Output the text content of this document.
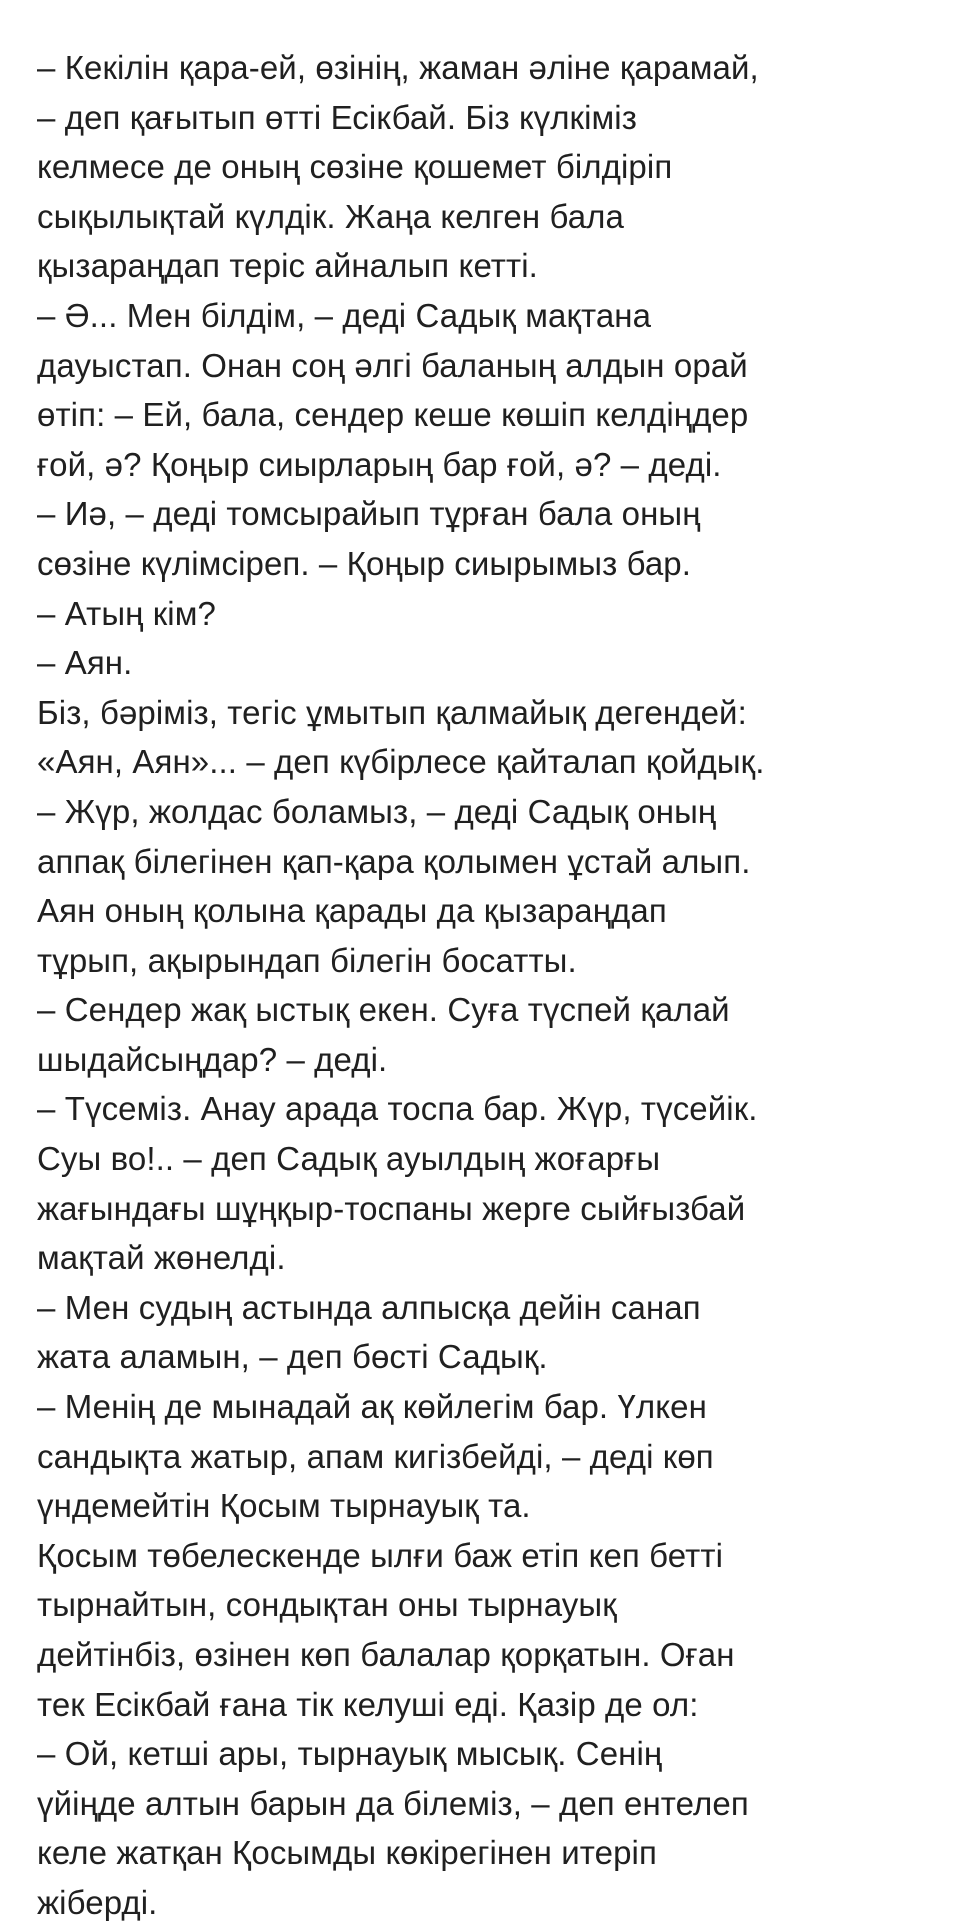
– Кекілін қара-ей, өзінің, жаман әліне қарамай,
– деп қағытып өтті Есікбай. Біз күлкіміз
келмесе де оның сөзіне қошемет білдіріп
сықылықтай күлдік. Жаңа келген бала
қызараңдап теріс айналып кетті.
– Ә... Мен білдім, – деді Садық мақтана
дауыстап. Онан соң әлгі баланың алдын орай
өтіп: – Ей, бала, сендер кеше көшіп келдіңдер
ғой, ә? Қоңыр сиырларың бар ғой, ә? – деді.
– Иә, – деді томсырайып тұрған бала оның
сөзіне күлімсіреп. – Қоңыр сиырымыз бар.
– Атың кім?
– Аян.
Біз, бәріміз, тегіс ұмытып қалмайық дегендей:
«Аян, Аян»... – деп күбірлесе қайталап қойдық.
– Жүр, жолдас боламыз, – деді Садық оның
аппақ білегінен қап-қара қолымен ұстай алып.
Аян оның қолына қарады да қызараңдап
тұрып, ақырындап білегін босатты.
– Сендер жақ ыстық екен. Суға түспей қалай
шыдайсыңдар? – деді.
– Түсеміз. Анау арада тоспа бар. Жүр, түсейік.
Суы во!.. – деп Садық ауылдың жоғарғы
жағындағы шұңқыр-тоспаны жерге сыйғызбай
мақтай жөнелді.
– Мен судың астында алпысқа дейін санап
жата аламын, – деп бөсті Садық.
– Менің де мынадай ақ көйлегім бар. Үлкен
сандықта жатыр, апам кигізбейді, – деді көп
үндемейтін Қосым тырнауық та.
Қосым төбелескенде ылғи баж етіп кеп бетті
тырнайтын, сондықтан оны тырнауық
дейтінбіз, өзінен көп балалар қорқатын. Оған
тек Есікбай ғана тік келуші еді. Қазір де ол:
– Ой, кетші ары, тырнауық мысық. Сенің
үйіңде алтын барын да білеміз, – деп ентелеп
келе жатқан Қосымды көкірегінен итеріп
жіберді.
